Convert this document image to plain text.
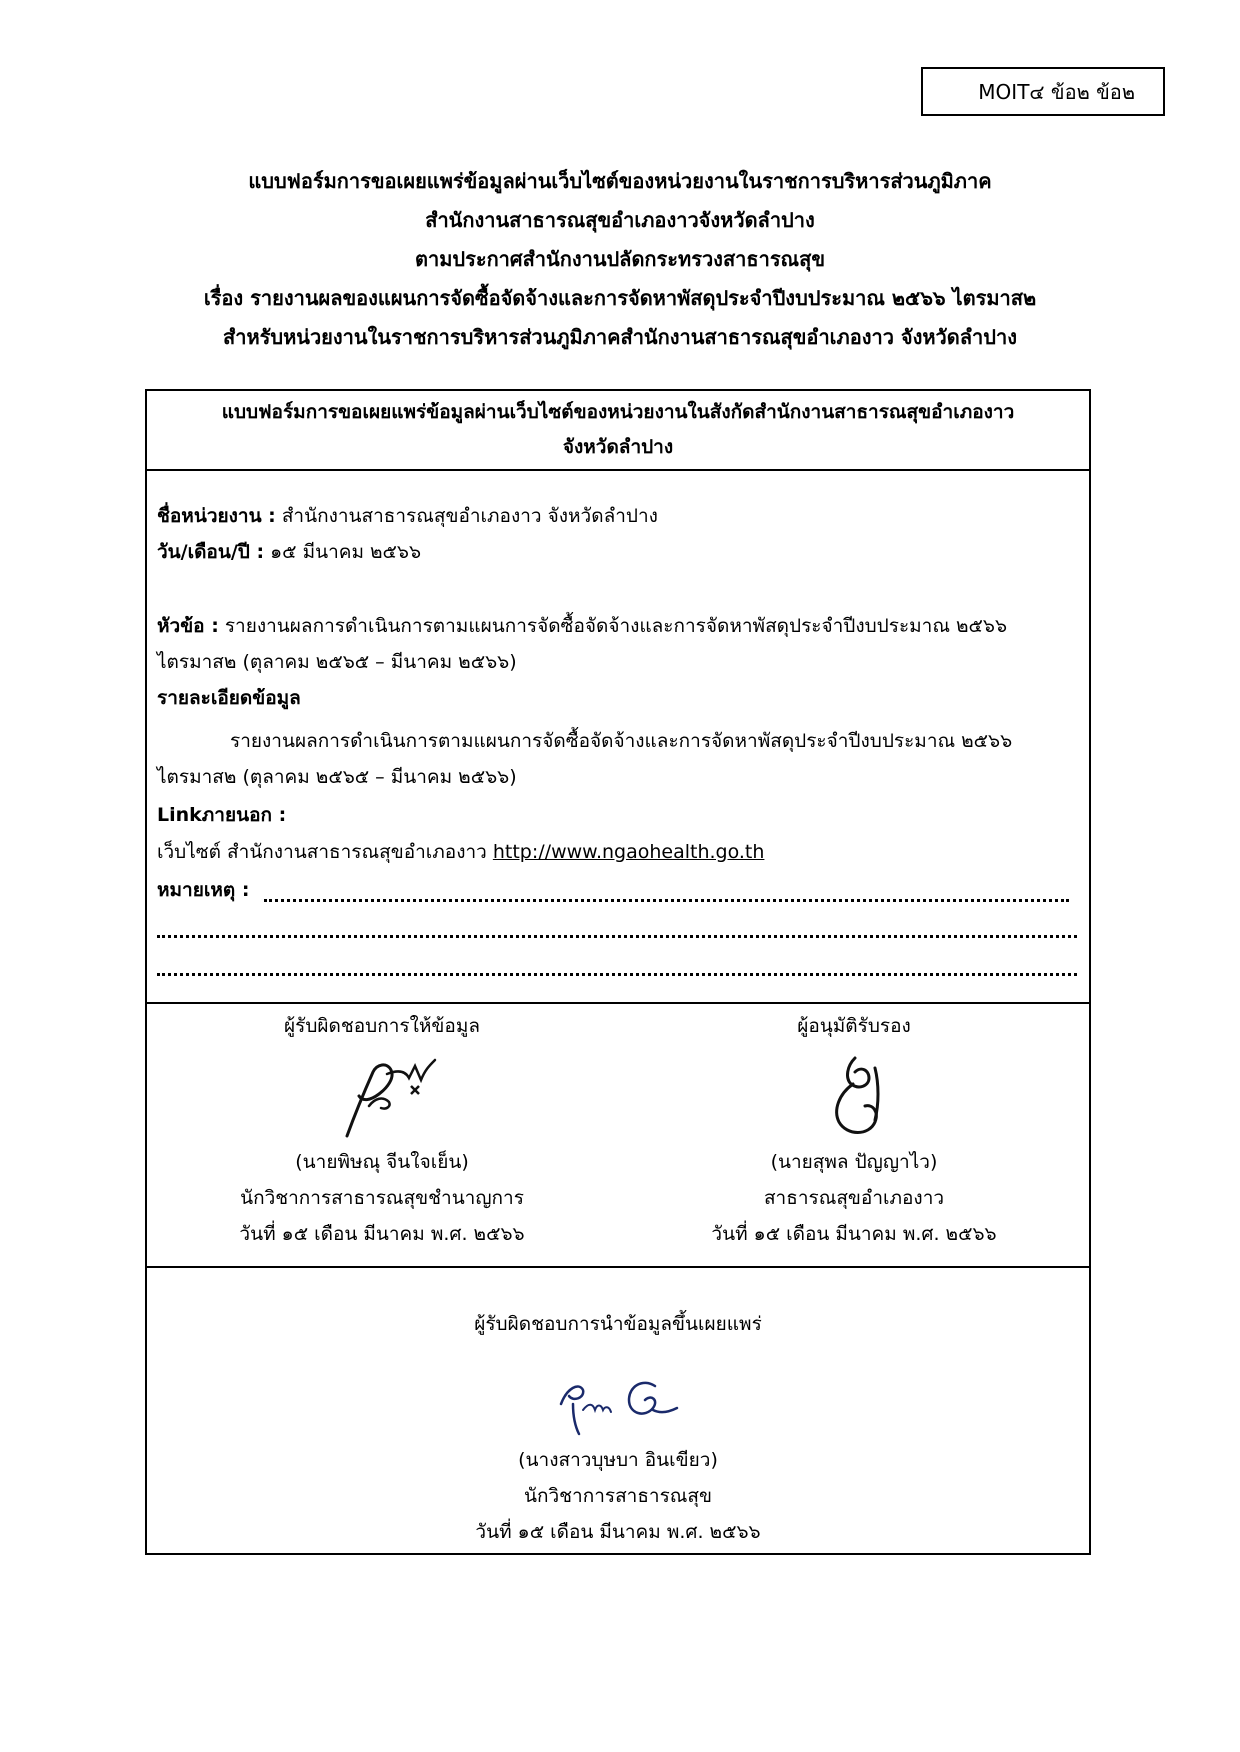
MOIT๔ ข้อ๒ ข้อ๒
แบบฟอร์มการขอเผยแพร่ข้อมูลผ่านเว็บไซต์ของหน่วยงานในราชการบริหารส่วนภูมิภาค
สำนักงานสาธารณสุขอำเภองาวจังหวัดลำปาง
ตามประกาศสำนักงานปลัดกระทรวงสาธารณสุข
เรื่อง รายงานผลของแผนการจัดซื้อจัดจ้างและการจัดหาพัสดุประจำปีงบประมาณ ๒๕๖๖ ไตรมาส๒
สำหรับหน่วยงานในราชการบริหารส่วนภูมิภาคสำนักงานสาธารณสุขอำเภองาว จังหวัดลำปาง
แบบฟอร์มการขอเผยแพร่ข้อมูลผ่านเว็บไซต์ของหน่วยงานในสังกัดสำนักงานสาธารณสุขอำเภองาว
จังหวัดลำปาง
ชื่อหน่วยงาน : สำนักงานสาธารณสุขอำเภองาว จังหวัดลำปาง
วัน/เดือน/ปี : ๑๕ มีนาคม ๒๕๖๖
หัวข้อ : รายงานผลการดำเนินการตามแผนการจัดซื้อจัดจ้างและการจัดหาพัสดุประจำปีงบประมาณ ๒๕๖๖
ไตรมาส๒ (ตุลาคม ๒๕๖๕ – มีนาคม ๒๕๖๖)
รายละเอียดข้อมูล
รายงานผลการดำเนินการตามแผนการจัดซื้อจัดจ้างและการจัดหาพัสดุประจำปีงบประมาณ ๒๕๖๖
ไตรมาส๒ (ตุลาคม ๒๕๖๕ – มีนาคม ๒๕๖๖)
Linkภายนอก :
เว็บไซต์ สำนักงานสาธารณสุขอำเภองาว http://www.ngaohealth.go.th
หมายเหตุ :
ผู้รับผิดชอบการให้ข้อมูล
(นายพิษณุ จีนใจเย็น)
นักวิชาการสาธารณสุขชำนาญการ
วันที่ ๑๕ เดือน มีนาคม พ.ศ. ๒๕๖๖
ผู้อนุมัติรับรอง
(นายสุพล ปัญญาไว)
สาธารณสุขอำเภองาว
วันที่ ๑๕ เดือน มีนาคม พ.ศ. ๒๕๖๖
ผู้รับผิดชอบการนำข้อมูลขึ้นเผยแพร่
(นางสาวบุษบา อินเขียว)
นักวิชาการสาธารณสุข
วันที่ ๑๕ เดือน มีนาคม พ.ศ. ๒๕๖๖
